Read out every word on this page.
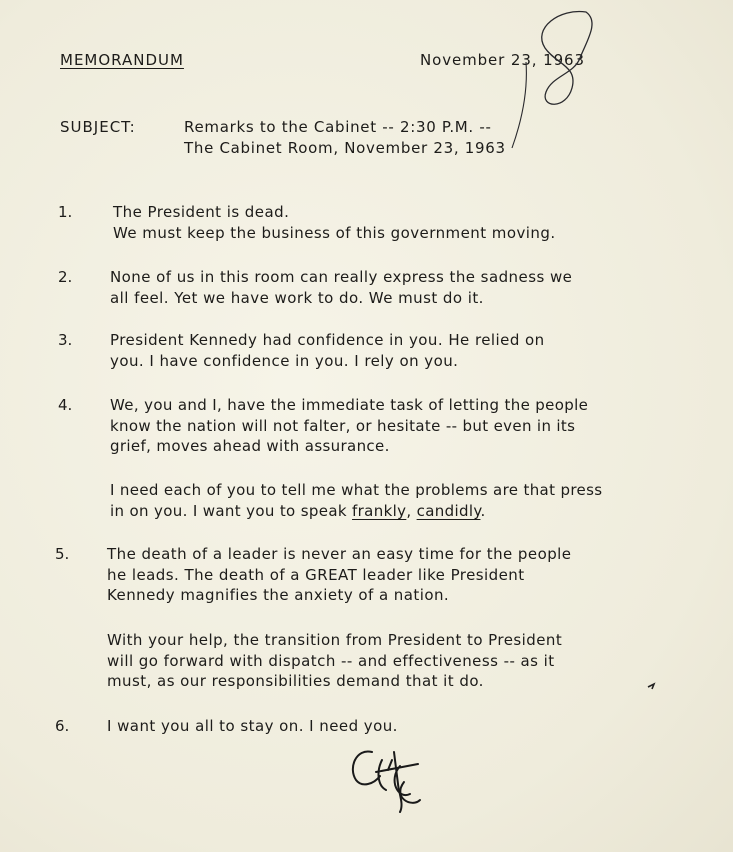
MEMORANDUM	November 23, 1963
SUBJECT:	Remarks to the Cabinet -- 2:30 P.M. --
The Cabinet Room, November 23, 1963
1.	The President is dead.
We must keep the business of this government moving.
2.	None of us in this room can really express the sadness we
all feel. Yet we have work to do. We must do it.
3.	President Kennedy had confidence in you. He relied on
you. I have confidence in you. I rely on you.
4.	We, you and I, have the immediate task of letting the people
know the nation will not falter, or hesitate -- but even in its
grief, moves ahead with assurance.
I need each of you to tell me what the problems are that press
in on you. I want you to speak frankly, candidly.
5.	The death of a leader is never an easy time for the people
he leads. The death of a GREAT leader like President
Kennedy magnifies the anxiety of a nation.
With your help, the transition from President to President
will go forward with dispatch -- and effectiveness -- as it
must, as our responsibilities demand that it do.
6.	I want you all to stay on. I need you.
